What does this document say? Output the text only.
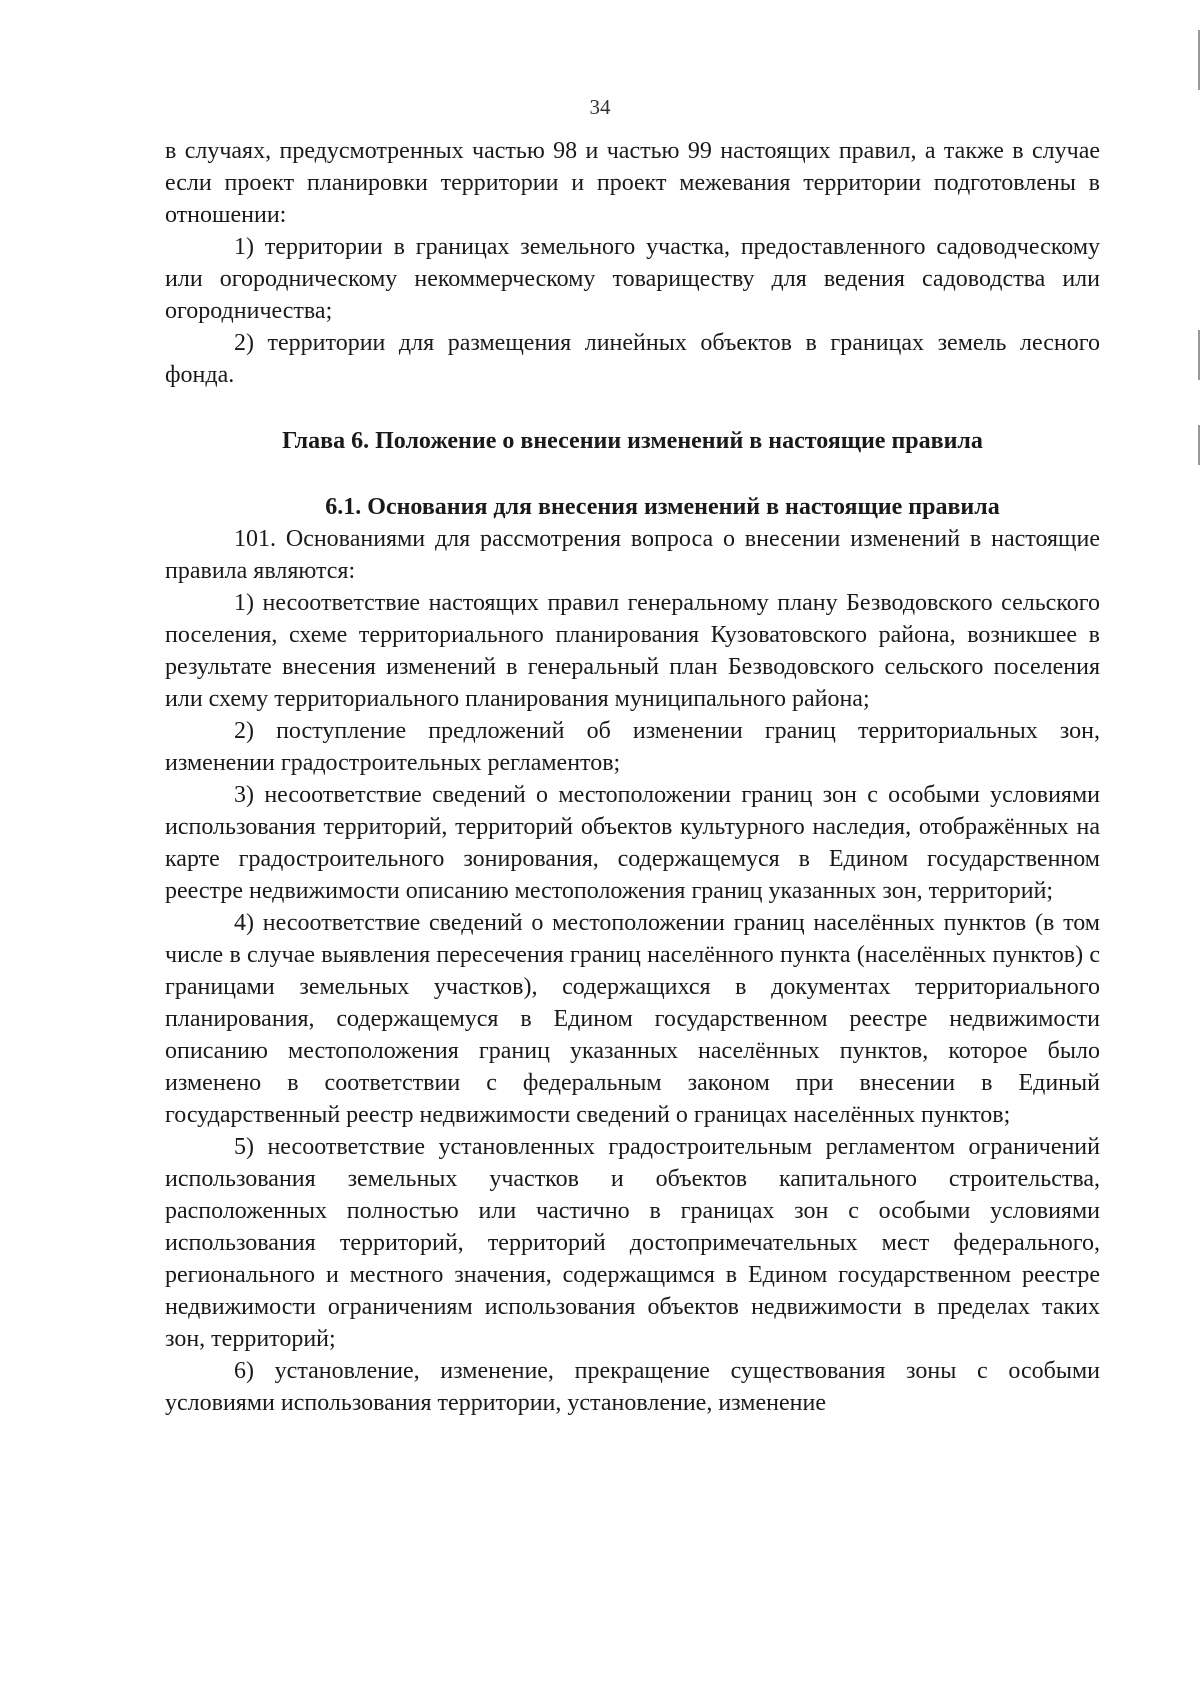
34

в случаях, предусмотренных частью 98 и частью 99 настоящих правил, а также в случае если проект планировки территории и проект межевания территории подготовлены в отношении:

1) территории в границах земельного участка, предоставленного садоводческому или огородническому некоммерческому товариществу для ведения садоводства или огородничества;

2) территории для размещения линейных объектов в границах земель лесного фонда.

Глава 6. Положение о внесении изменений в настоящие правила

6.1. Основания для внесения изменений в настоящие правила

101. Основаниями для рассмотрения вопроса о внесении изменений в настоящие правила являются:

1) несоответствие настоящих правил генеральному плану Безводовского сельского поселения, схеме территориального планирования Кузоватовского района, возникшее в результате внесения изменений в генеральный план Безводовского сельского поселения или схему территориального планирования муниципального района;

2) поступление предложений об изменении границ территориальных зон, изменении градостроительных регламентов;

3) несоответствие сведений о местоположении границ зон с особыми условиями использования территорий, территорий объектов культурного наследия, отображённых на карте градостроительного зонирования, содержащемуся в Едином государственном реестре недвижимости описанию местоположения границ указанных зон, территорий;

4) несоответствие сведений о местоположении границ населённых пунктов (в том числе в случае выявления пересечения границ населённого пункта (населённых пунктов) с границами земельных участков), содержащихся в документах территориального планирования, содержащемуся в Едином государственном реестре недвижимости описанию местоположения границ указанных населённых пунктов, которое было изменено в соответствии с федеральным законом при внесении в Единый государственный реестр недвижимости сведений о границах населённых пунктов;

5) несоответствие установленных градостроительным регламентом ограничений использования земельных участков и объектов капитального строительства, расположенных полностью или частично в границах зон с особыми условиями использования территорий, территорий достопримечательных мест федерального, регионального и местного значения, содержащимся в Едином государственном реестре недвижимости ограничениям использования объектов недвижимости в пределах таких зон, территорий;

6) установление, изменение, прекращение существования зоны с особыми условиями использования территории, установление, изменение
